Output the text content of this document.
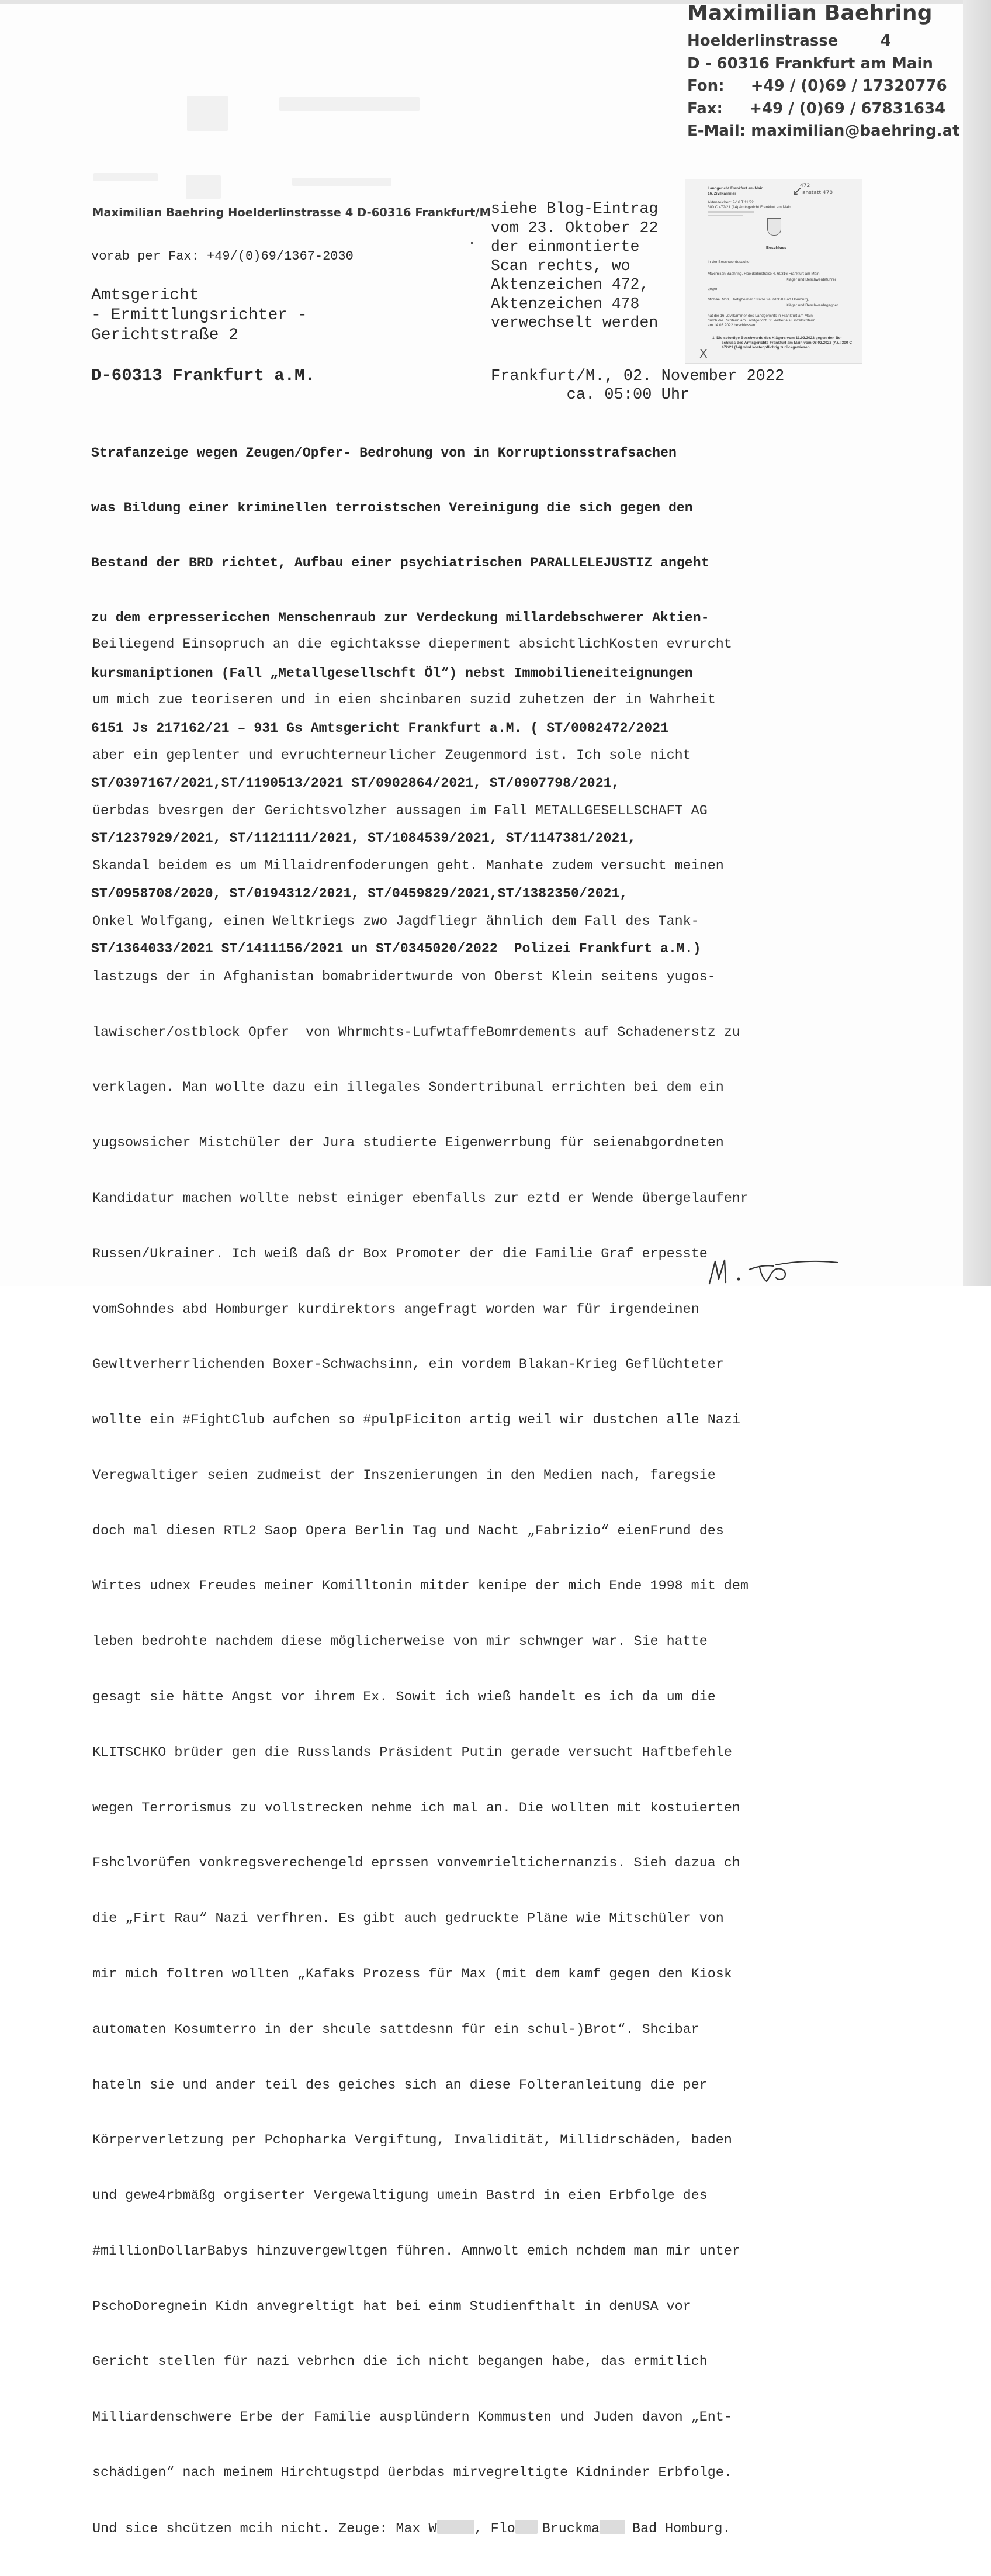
Maximilian Baehring
Hoelderlinstrasse        4
D - 60316 Frankfurt am Main
Fon:     +49 / (0)69 / 17320776
Fax:     +49 / (0)69 / 67831634
E-Mail: maximilian@baehring.at
Maximilian Baehring Hoelderlinstrasse 4 D-60316 Frankfurt/M
vorab per Fax: +49/(0)69/1367-2030
Amtsgericht
- Ermittlungsrichter -
Gerichtstraße 2
D-60313 Frankfurt a.M.
siehe Blog-Eintrag
vom 23. Oktober 22
der einmontierte
Scan rechts, wo
Aktenzeichen 472,
Aktenzeichen 478
verwechselt werden
Landgericht Frankfurt am Main
16. Zivilkammer
Aktenzeichen: 2-16 T 11/22
300 C 472/21 (14) Amtsgericht Frankfurt am Main
↙
472
anstatt 478
Beschluss
In der Beschwerdesache
Maximilian Baehring, Hoelderlinstraße 4, 60316 Frankfurt am Main,
Kläger und Beschwerdeführer
gegen
Michael Nolz, Dietigheimer Straße 2a, 61350 Bad Homburg,
Kläger und Beschwerdegegner
hat die 16. Zivilkammer des Landgerichts in Frankfurt am Main
durch die Richterin am Landgericht Dr. Wirtler als Einzelrichterin
am 14.03.2022 beschlossen:
1. Die sofortige Beschwerde des Klägers vom 11.02.2022 gegen den Be-
schluss des Amtsgerichts Frankfurt am Main vom 08.02.2022 (Az.: 300 C
472/21 (14)) wird kostenpflichtig zurückgewiesen.
X
Frankfurt/M., 02. November 2022
ca. 05:00 Uhr

Strafanzeige wegen Zeugen/Opfer- Bedrohung von in Korruptionsstrafsachen

was Bildung einer kriminellen terroistschen Vereinigung die sich gegen den

Bestand der BRD richtet, Aufbau einer psychiatrischen PARALLELEJUSTIZ angeht

zu dem erpressericchen Menschenraub zur Verdeckung millardebschwerer Aktien-

kursmaniptionen (Fall „Metallgesellschft Öl“) nebst Immobilieneiteignungen

6151 Js 217162/21 – 931 Gs Amtsgericht Frankfurt a.M. ( ST/0082472/2021

ST/0397167/2021,ST/1190513/2021 ST/0902864/2021, ST/0907798/2021,

ST/1237929/2021, ST/1121111/2021, ST/1084539/2021, ST/1147381/2021,

ST/0958708/2020, ST/0194312/2021, ST/0459829/2021,ST/1382350/2021,

ST/1364033/2021 ST/1411156/2021 un ST/0345020/2022  Polizei Frankfurt a.M.)

Beiliegend Einsopruch an die egichtaksse dieperment absichtlichKosten evrurcht

um mich zue teoriseren und in eien shcinbaren suzid zuhetzen der in Wahrheit

aber ein geplenter und evruchterneurlicher Zeugenmord ist. Ich sole nicht

üerbdas bvesrgen der Gerichtsvolzher aussagen im Fall METALLGESELLSCHAFT AG

Skandal beidem es um Millaidrenfoderungen geht. Manhate zudem versucht meinen

Onkel Wolfgang, einen Weltkriegs zwo Jagdfliegr ähnlich dem Fall des Tank-

lastzugs der in Afghanistan bomabridertwurde von Oberst Klein seitens yugos-

lawischer/ostblock Opfer  von Whrmchts-LufwtaffeBomrdements auf Schadenerstz zu

verklagen. Man wollte dazu ein illegales Sondertribunal errichten bei dem ein

yugsowsicher Mistchüler der Jura studierte Eigenwerrbung für seienabgordneten

Kandidatur machen wollte nebst einiger ebenfalls zur eztd er Wende übergelaufenr

Russen/Ukrainer. Ich weiß daß dr Box Promoter der die Familie Graf erpesste

vomSohndes abd Homburger kurdirektors angefragt worden war für irgendeinen

Gewltverherrlichenden Boxer-Schwachsinn, ein vordem Blakan-Krieg Geflüchteter

wollte ein #FightClub aufchen so #pulpFiciton artig weil wir dustchen alle Nazi

Veregwaltiger seien zudmeist der Inszenierungen in den Medien nach, faregsie

doch mal diesen RTL2 Saop Opera Berlin Tag und Nacht „Fabrizio“ eienFrund des

Wirtes udnex Freudes meiner Komilltonin mitder kenipe der mich Ende 1998 mit dem

leben bedrohte nachdem diese möglicherweise von mir schwnger war. Sie hatte

gesagt sie hätte Angst vor ihrem Ex. Sowit ich wieß handelt es ich da um die

KLITSCHKO brüder gen die Russlands Präsident Putin gerade versucht Haftbefehle

wegen Terrorismus zu vollstrecken nehme ich mal an. Die wollten mit kostuierten

Fshclvorüfen vonkregsverechengeld eprssen vonvemrieltichernanzis. Sieh dazua ch

die „Firt Rau“ Nazi verfhren. Es gibt auch gedruckte Pläne wie Mitschüler von

mir mich foltren wollten „Kafaks Prozess für Max (mit dem kamf gegen den Kiosk

automaten Kosumterro in der shcule sattdesnn für ein schul-)Brot“. Shcibar

hateln sie und ander teil des geiches sich an diese Folteranleitung die per

Körperverletzung per Pchopharka Vergiftung, Invalidität, Millidrschäden, baden

und gewe4rbmäßg orgiserter Vergewaltigung umein Bastrd in eien Erbfolge des

#millionDollarBabys hinzuvergewltgen führen. Amnwolt emich nchdem man mir unter

PschoDoregnein Kidn anvegreltigt hat bei einm Studienfthalt in denUSA vor

Gericht stellen für nazi vebrhcn die ich nicht begangen habe, das ermitlich

Milliardenschwere Erbe der Familie ausplündern Kommusten und Juden davon „Ent-

schädigen“ nach meinem Hirchtugstpd üerbdas mirvegreltigte Kidninder Erbfolge.

Und sice shcützen mcih nicht. Zeuge: Max W	, Flo Bruckma Bad Homburg.
